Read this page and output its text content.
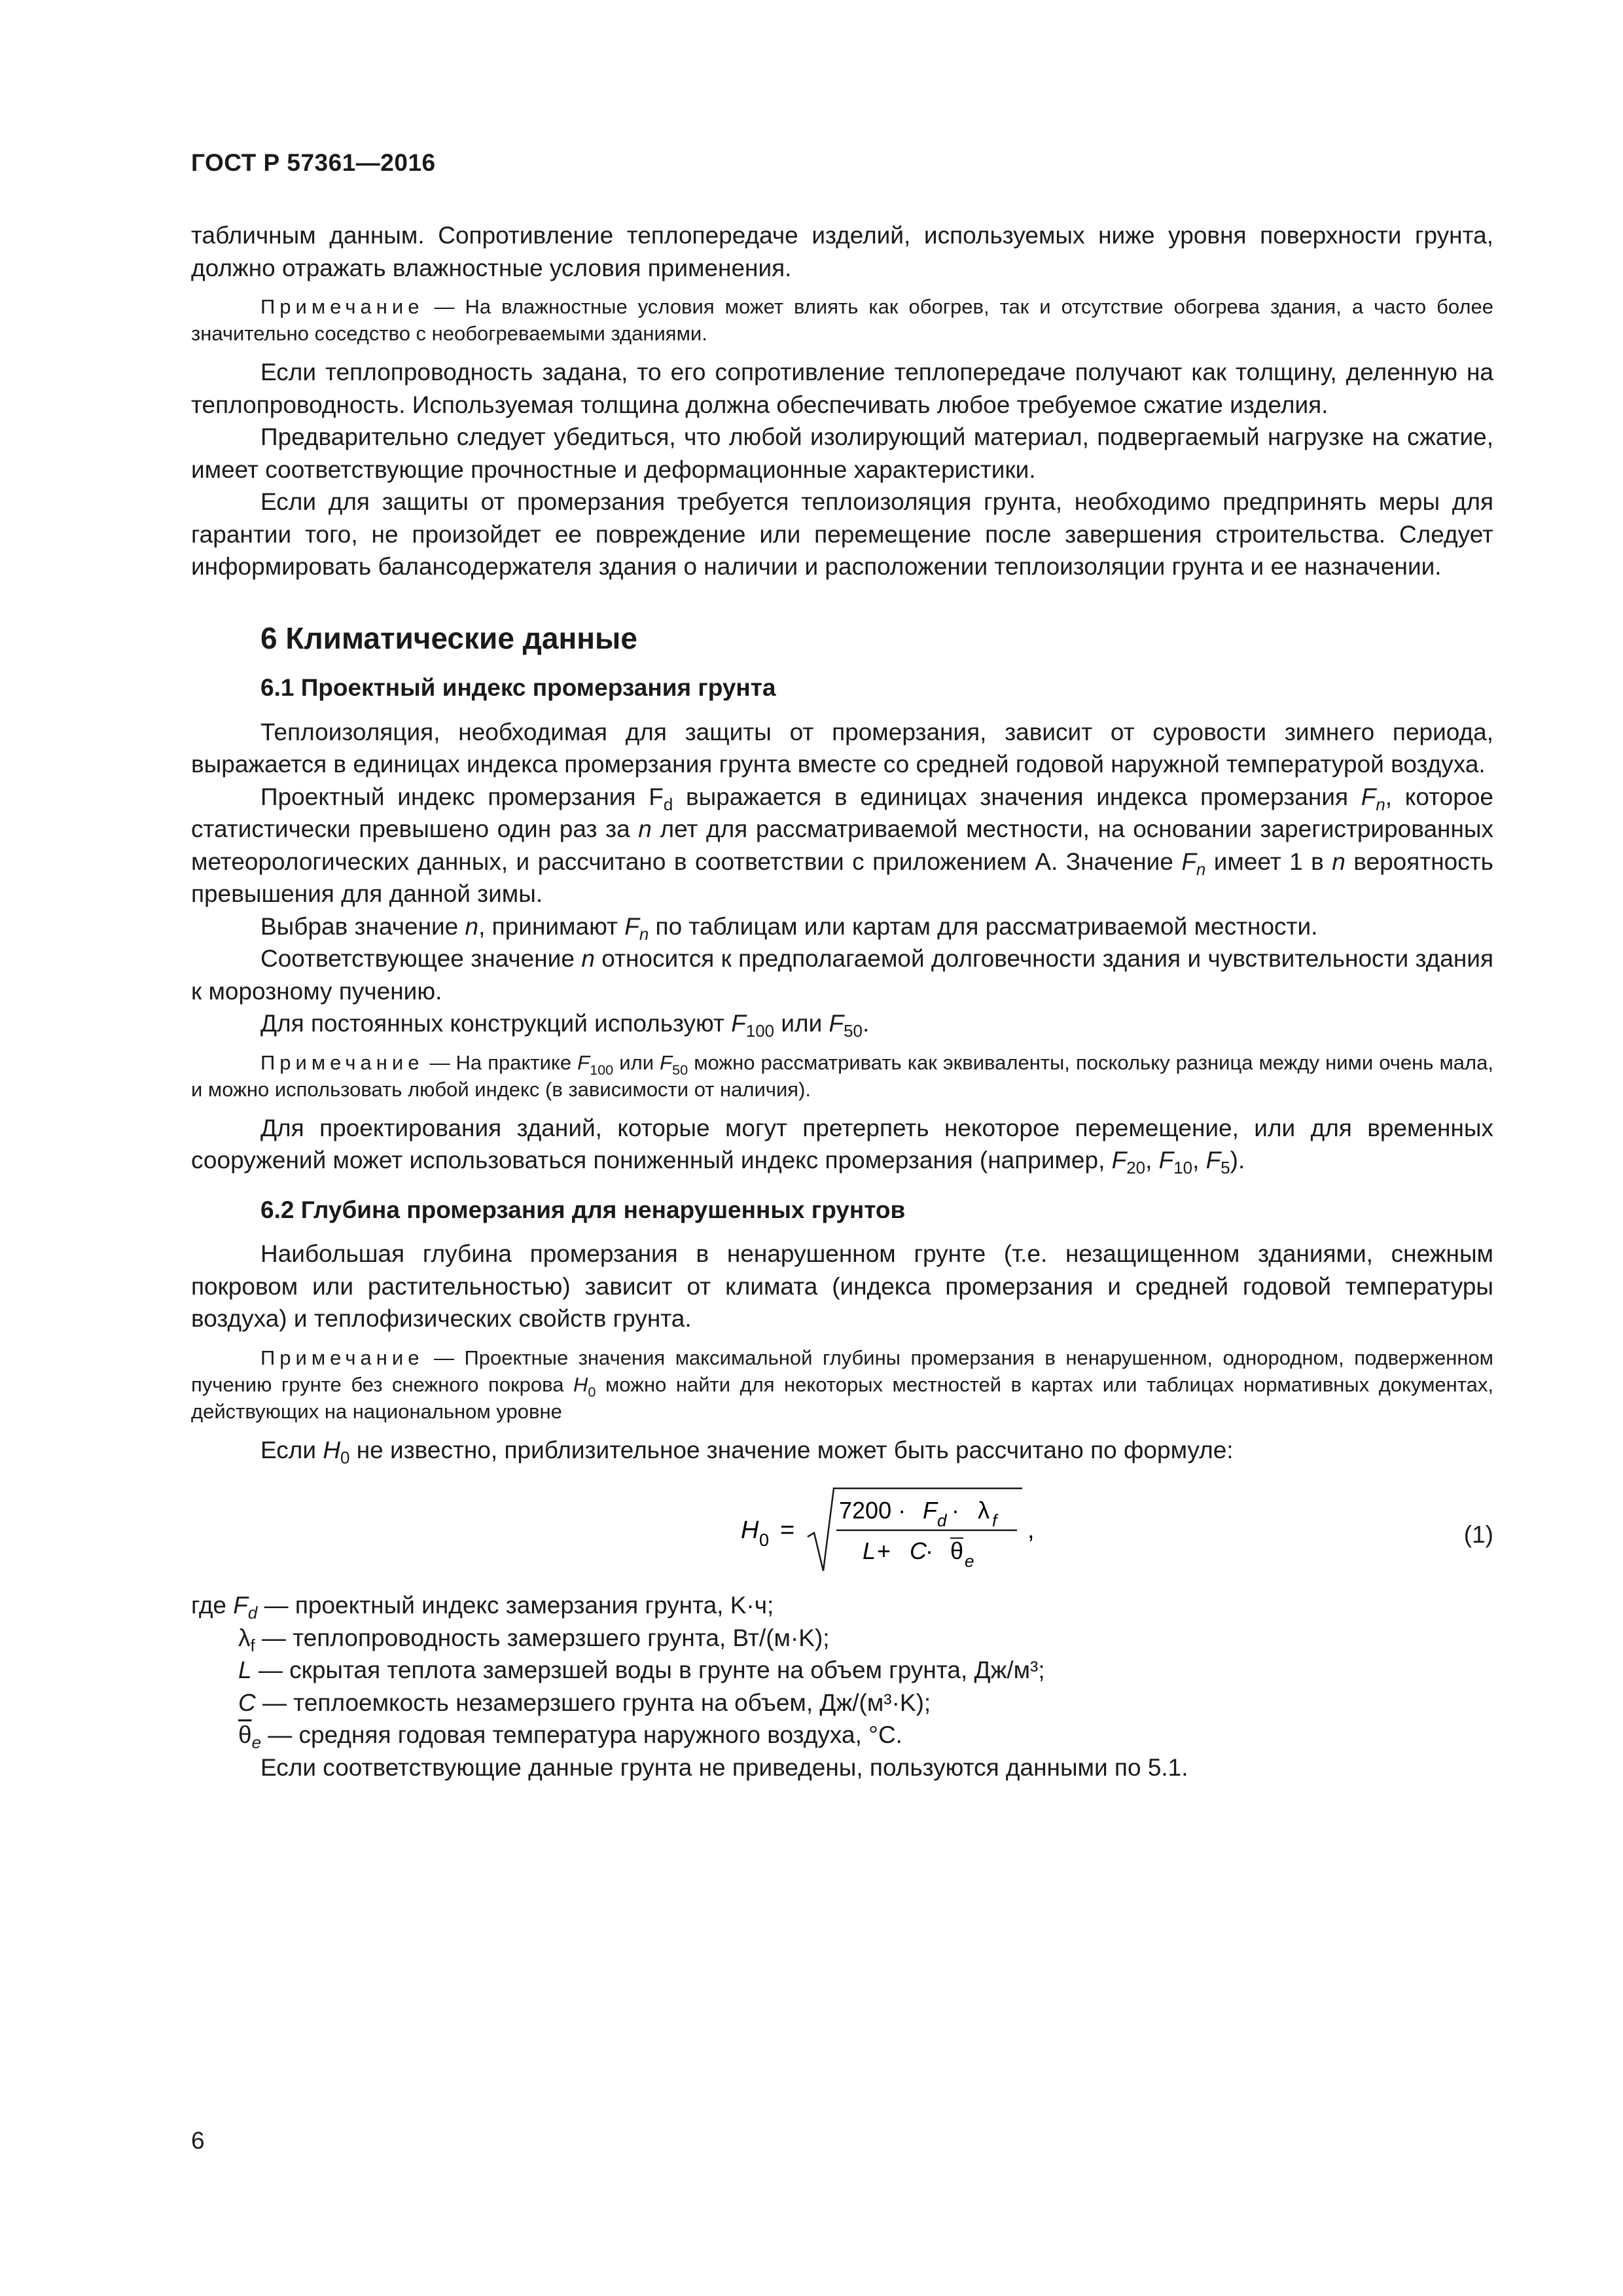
ГОСТ Р 57361—2016

табличным данным. Сопротивление теплопередаче изделий, используемых ниже уровня поверхности грунта, должно отражать влажностные условия применения.

Примечание — На влажностные условия может влиять как обогрев, так и отсутствие обогрева здания, а часто более значительно соседство с необогреваемыми зданиями.

Если теплопроводность задана, то его сопротивление теплопередаче получают как толщину, деленную на теплопроводность. Используемая толщина должна обеспечивать любое требуемое сжатие изделия.

Предварительно следует убедиться, что любой изолирующий материал, подвергаемый нагрузке на сжатие, имеет соответствующие прочностные и деформационные характеристики.

Если для защиты от промерзания требуется теплоизоляция грунта, необходимо предпринять меры для гарантии того, не произойдет ее повреждение или перемещение после завершения строительства. Следует информировать балансодержателя здания о наличии и расположении теплоизоляции грунта и ее назначении.

6 Климатические данные

6.1 Проектный индекс промерзания грунта

Теплоизоляция, необходимая для защиты от промерзания, зависит от суровости зимнего периода, выражается в единицах индекса промерзания грунта вместе со средней годовой наружной температурой воздуха.

Проектный индекс промерзания $F_d$ выражается в единицах значения индекса промерзания $F_n$, которое статистически превышено один раз за n лет для рассматриваемой местности, на основании зарегистрированных метеорологических данных, и рассчитано в соответствии с приложением А. Значение $F_n$ имеет 1 в n вероятность превышения для данной зимы.

Выбрав значение n, принимают $F_n$ по таблицам или картам для рассматриваемой местности.

Соответствующее значение n относится к предполагаемой долговечности здания и чувствительности здания к морозному пучению.

Для постоянных конструкций используют $F_{100}$ или $F_{50}$.

Примечание — На практике $F_{100}$ или $F_{50}$ можно рассматривать как эквиваленты, поскольку разница между ними очень мала, и можно использовать любой индекс (в зависимости от наличия).

Для проектирования зданий, которые могут претерпеть некоторое перемещение, или для временных сооружений может использоваться пониженный индекс промерзания (например, $F_{20}$, $F_{10}$, $F_5$).

6.2 Глубина промерзания для ненарушенных грунтов

Наибольшая глубина промерзания в ненарушенном грунте (т.е. незащищенном зданиями, снежным покровом или растительностью) зависит от климата (индекса промерзания и средней годовой температуры воздуха) и теплофизических свойств грунта.

Примечание — Проектные значения максимальной глубины промерзания в ненарушенном, однородном, подверженном пучению грунте без снежного покрова $H_0$ можно найти для некоторых местностей в картах или таблицах нормативных документах, действующих на национальном уровне

Если $H_0$ не известно, приблизительное значение может быть рассчитано по формуле:

H 0 =
7200 · F d · λ f
L + C
· θ e
,	(1)

где $F_d$ — проектный индекс замерзания грунта, K·ч;

$\lambda_f$ — теплопроводность замерзшего грунта, Вт/(м·K);

L — скрытая теплота замерзшей воды в грунте на объем грунта, Дж/м³;

C — теплоемкость незамерзшего грунта на объем, Дж/(м³·K);

$\overline{\theta}_e$ — средняя годовая температура наружного воздуха, °С.

Если соответствующие данные грунта не приведены, пользуются данными по 5.1.

6
